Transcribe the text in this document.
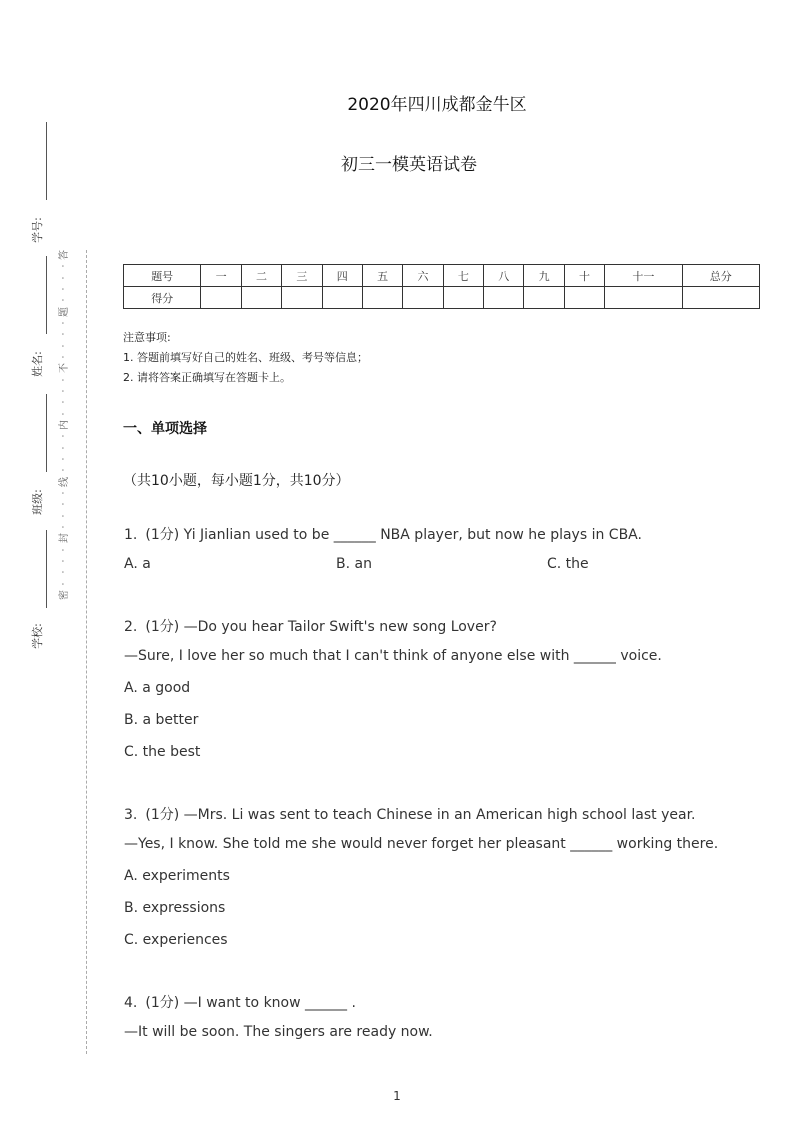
2020年四川成都金牛区
初三一模英语试卷
学号:
姓名:
班级:
学校:
答
·
·
·
·
题
·
·
·
·
不
·
·
·
·
内
·
·
·
·
线
·
·
·
·
封
·
·
·
·
密
题号	一	二	三	四	五	六	七	八	九	十	十一	总分
得分												
注意事项:
1. 答题前填写好自己的姓名、班级、考号等信息；
2. 请将答案正确填写在答题卡上。
一、单项选择
（共10小题，每小题1分，共10分）
1. (1分) Yi Jianlian used to be ______ NBA player, but now he plays in CBA.
A. a	B. an	C. the
2. (1分) —Do you hear Tailor Swift's new song Lover?
—Sure, I love her so much that I can't think of anyone else with ______ voice.
A. a good
B. a better
C. the best
3. (1分) —Mrs. Li was sent to teach Chinese in an American high school last year.
—Yes, I know. She told me she would never forget her pleasant ______ working there.
A. experiments
B. expressions
C. experiences
4. (1分) —I want to know ______ .
—It will be soon. The singers are ready now.
1
